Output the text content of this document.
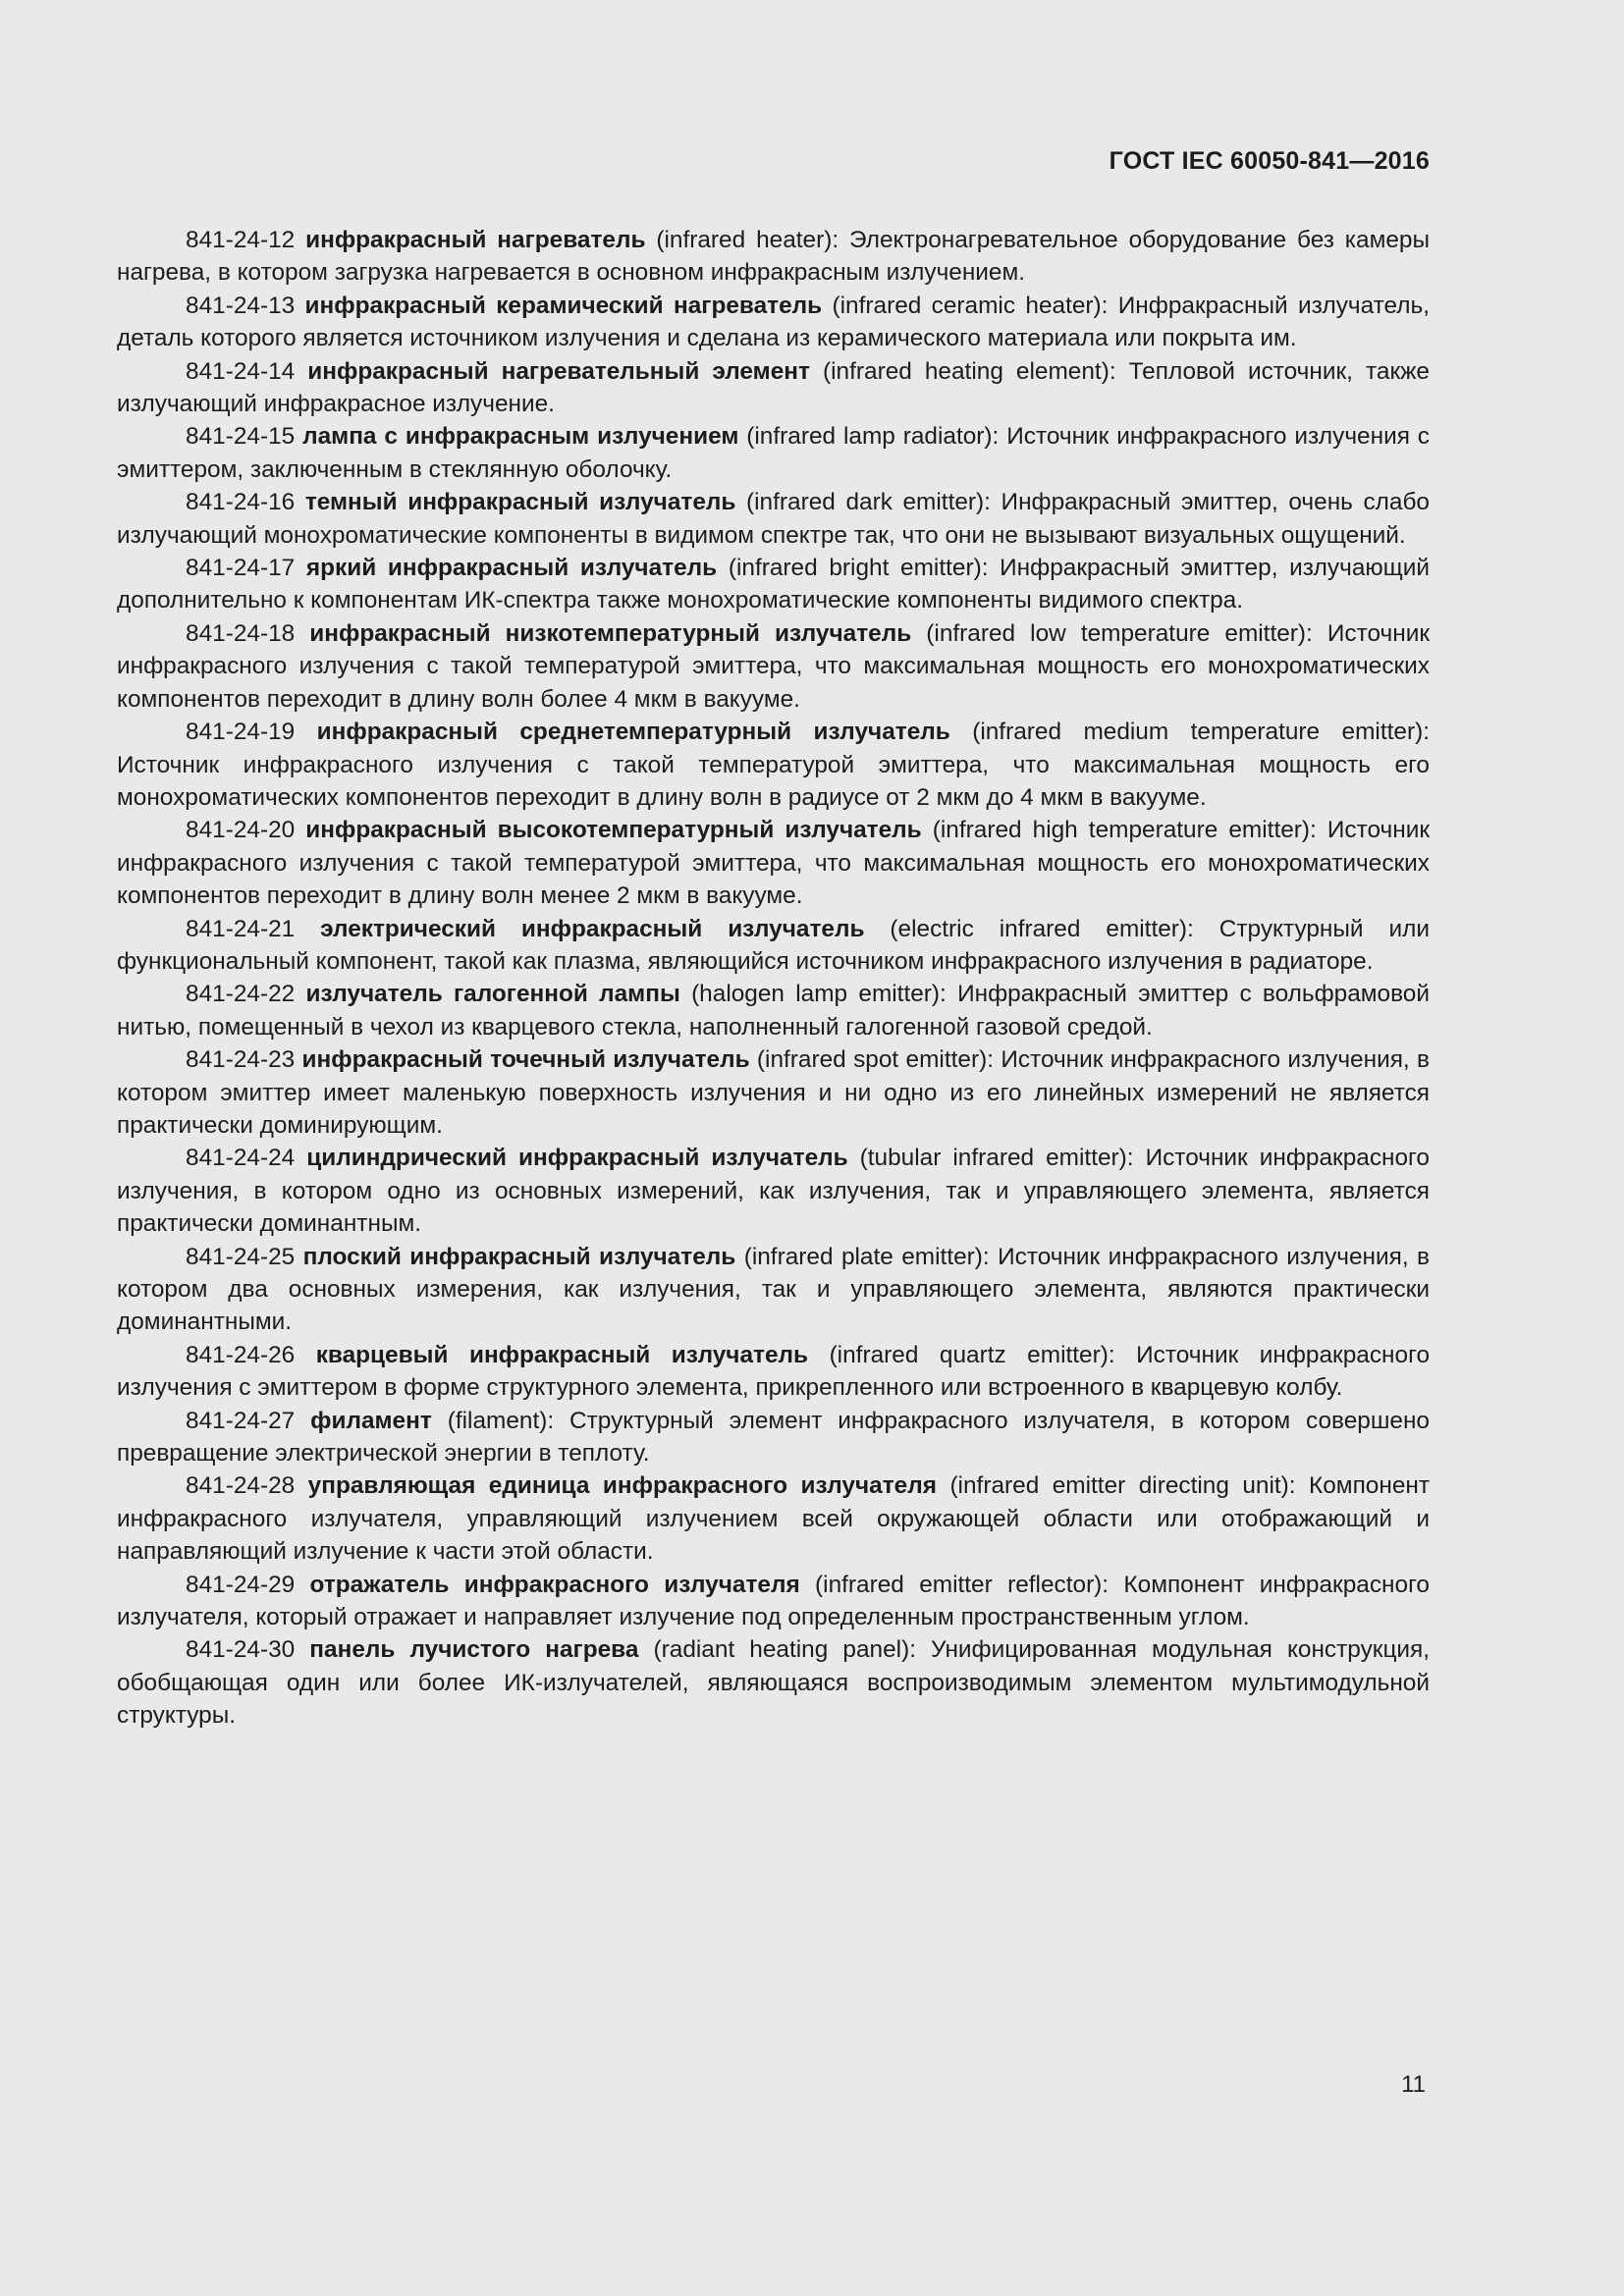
ГОСТ IEC 60050-841—2016

841-24-12 инфракрасный нагреватель (infrared heater): Электронагревательное оборудование без камеры нагрева, в котором загрузка нагревается в основном инфракрасным излучением.

841-24-13 инфракрасный керамический нагреватель (infrared ceramic heater): Инфракрасный излучатель, деталь которого является источником излучения и сделана из керамического материала или покрыта им.

841-24-14 инфракрасный нагревательный элемент (infrared heating element): Тепловой источник, также излучающий инфракрасное излучение.

841-24-15 лампа с инфракрасным излучением (infrared lamp radiator): Источник инфракрасного излучения с эмиттером, заключенным в стеклянную оболочку.

841-24-16 темный инфракрасный излучатель (infrared dark emitter): Инфракрасный эмиттер, очень слабо излучающий монохроматические компоненты в видимом спектре так, что они не вызывают визуальных ощущений.

841-24-17 яркий инфракрасный излучатель (infrared bright emitter): Инфракрасный эмиттер, излучающий дополнительно к компонентам ИК-спектра также монохроматические компоненты видимого спектра.

841-24-18 инфракрасный низкотемпературный излучатель (infrared low temperature emitter): Источник инфракрасного излучения с такой температурой эмиттера, что максимальная мощность его монохроматических компонентов переходит в длину волн более 4 мкм в вакууме.

841-24-19 инфракрасный среднетемпературный излучатель (infrared medium temperature emitter): Источник инфракрасного излучения с такой температурой эмиттера, что максимальная мощность его монохроматических компонентов переходит в длину волн в радиусе от 2 мкм до 4 мкм в вакууме.

841-24-20 инфракрасный высокотемпературный излучатель (infrared high temperature emitter): Источник инфракрасного излучения с такой температурой эмиттера, что максимальная мощность его монохроматических компонентов переходит в длину волн менее 2 мкм в вакууме.

841-24-21 электрический инфракрасный излучатель (electric infrared emitter): Структурный или функциональный компонент, такой как плазма, являющийся источником инфракрасного излучения в радиаторе.

841-24-22 излучатель галогенной лампы (halogen lamp emitter): Инфракрасный эмиттер с вольфрамовой нитью, помещенный в чехол из кварцевого стекла, наполненный галогенной газовой средой.

841-24-23 инфракрасный точечный излучатель (infrared spot emitter): Источник инфракрасного излучения, в котором эмиттер имеет маленькую поверхность излучения и ни одно из его линейных измерений не является практически доминирующим.

841-24-24 цилиндрический инфракрасный излучатель (tubular infrared emitter): Источник инфракрасного излучения, в котором одно из основных измерений, как излучения, так и управляющего элемента, является практически доминантным.

841-24-25 плоский инфракрасный излучатель (infrared plate emitter): Источник инфракрасного излучения, в котором два основных измерения, как излучения, так и управляющего элемента, являются практически доминантными.

841-24-26 кварцевый инфракрасный излучатель (infrared quartz emitter): Источник инфракрасного излучения с эмиттером в форме структурного элемента, прикрепленного или встроенного в кварцевую колбу.

841-24-27 филамент (filament): Структурный элемент инфракрасного излучателя, в котором совершено превращение электрической энергии в теплоту.

841-24-28 управляющая единица инфракрасного излучателя (infrared emitter directing unit): Компонент инфракрасного излучателя, управляющий излучением всей окружающей области или отображающий и направляющий излучение к части этой области.

841-24-29 отражатель инфракрасного излучателя (infrared emitter reflector): Компонент инфракрасного излучателя, который отражает и направляет излучение под определенным пространственным углом.

841-24-30 панель лучистого нагрева (radiant heating panel): Унифицированная модульная конструкция, обобщающая один или более ИК-излучателей, являющаяся воспроизводимым элементом мультимодульной структуры.

11
